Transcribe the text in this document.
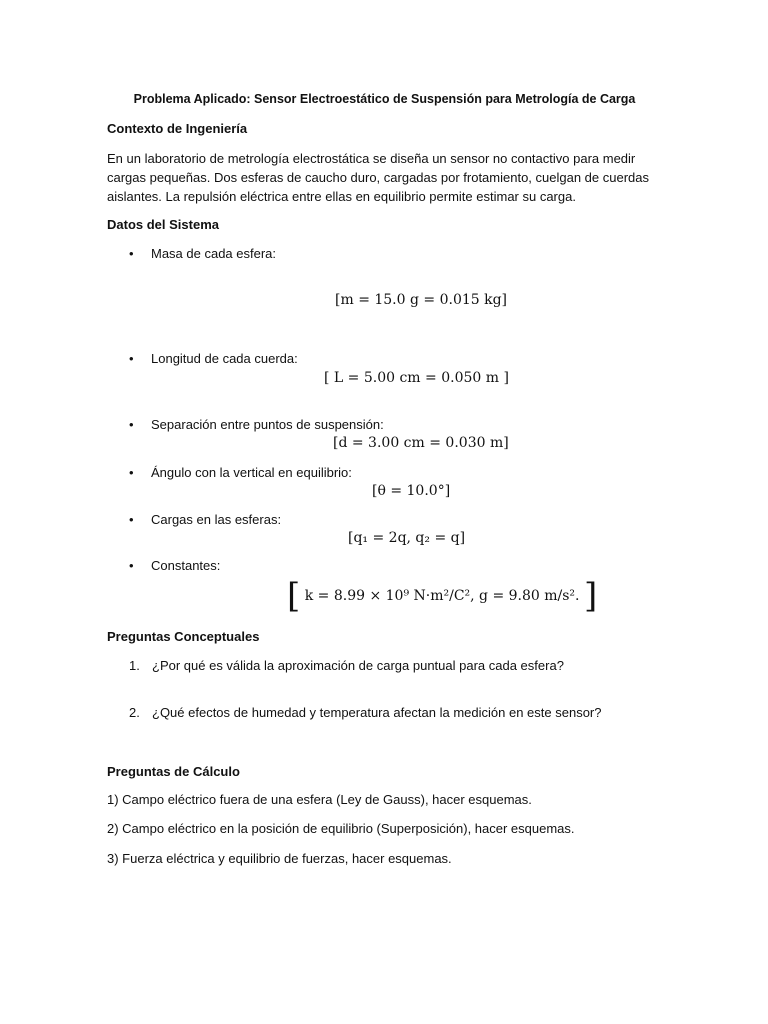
Problema Aplicado: Sensor Electroestático de Suspensión para Metrología de Carga
Contexto de Ingeniería
En un laboratorio de metrología electrostática se diseña un sensor no contactivo para medir cargas pequeñas. Dos esferas de caucho duro, cargadas por frotamiento, cuelgan de cuerdas aislantes. La repulsión eléctrica entre ellas en equilibrio permite estimar su carga.
Datos del Sistema
• Masa de cada esfera:
[m = 15.0 g = 0.015 kg]
• Longitud de cada cuerda:
[ L = 5.00 cm = 0.050 m ]
• Separación entre puntos de suspensión:
[d = 3.00 cm = 0.030 m]
• Ángulo con la vertical en equilibrio:
[θ = 10.0°]
• Cargas en las esferas:
[q₁ = 2q, q₂ = q]
• Constantes:
[ k = 8.99 × 10⁹ N·m²/C², g = 9.80 m/s². ]
Preguntas Conceptuales
1. ¿Por qué es válida la aproximación de carga puntual para cada esfera?
2. ¿Qué efectos de humedad y temperatura afectan la medición en este sensor?
Preguntas de Cálculo
1) Campo eléctrico fuera de una esfera (Ley de Gauss), hacer esquemas.
2) Campo eléctrico en la posición de equilibrio (Superposición), hacer esquemas.
3) Fuerza eléctrica y equilibrio de fuerzas, hacer esquemas.
